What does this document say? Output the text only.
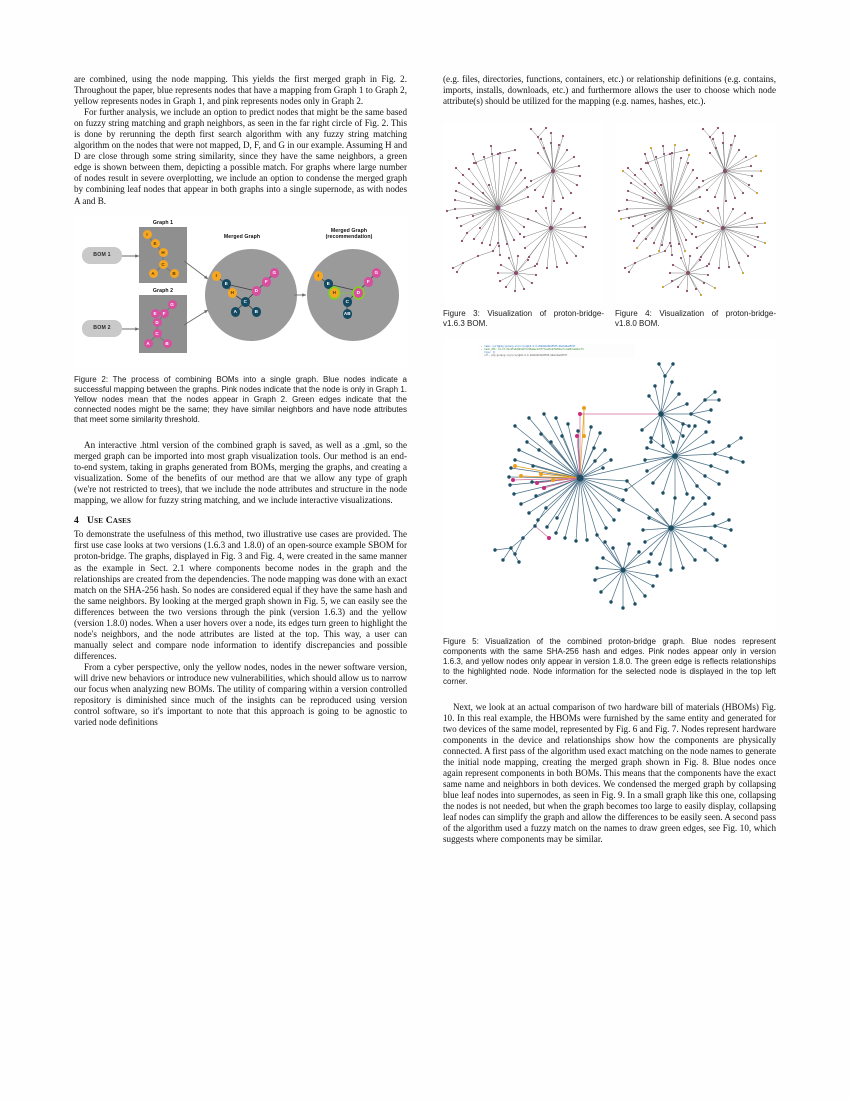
are combined, using the node mapping. This yields the first merged graph in Fig. 2. Throughout the paper, blue represents nodes that have a mapping from Graph 1 to Graph 2, yellow represents nodes in Graph 1, and pink represents nodes only in Graph 2.

For further analysis, we include an option to predict nodes that might be the same based on fuzzy string matching and graph neighbors, as seen in the far right circle of Fig. 2. This is done by rerunning the depth first search algorithm with any fuzzy string matching algorithm on the nodes that were not mapped, D, F, and G in our example. Assuming H and D are close through some string similarity, since they have the same neighbors, a green edge is shown between them, depicting a possible match. For graphs where large number of nodes result in severe overplotting, we include an option to condense the merged graph by combining leaf nodes that appear in both graphs into a single supernode, as with nodes A and B.

BOM 1
BOM 2
Graph 1
Graph 2
I
E
H
C
A	B
G
F
E
D
C
A	B
Merged Graph
I
E
H
G
F
D
C
A	B
Merged Graph
(recommendation)
I
E
H
G
F
D
C
AB

Figure 2: The process of combining BOMs into a single graph. Blue nodes indicate a successful mapping between the graphs. Pink nodes indicate that the node is only in Graph 1. Yellow nodes mean that the nodes appear in Graph 2. Green edges indicate that the connected nodes might be the same; they have similar neighbors and have node attributes that meet some similarity threshold.

An interactive .html version of the combined graph is saved, as well as a .gml, so the merged graph can be imported into most graph visualization tools. Our method is an end-to-end system, taking in graphs generated from BOMs, merging the graphs, and creating a visualization. Some of the benefits of our method are that we allow any type of graph (we're not restricted to trees), that we include the node attributes and structure in the node mapping, we allow for fuzzy string matching, and we include interactive visualizations.

4 Use Cases

To demonstrate the usefulness of this method, two illustrative use cases are provided. The first use case looks at two versions (1.6.3 and 1.8.0) of an open-source example SBOM for proton-bridge. The graphs, displayed in Fig. 3 and Fig. 4, were created in the same manner as the example in Sect. 2.1 where components become nodes in the graph and the relationships are created from the dependencies. The node mapping was done with an exact match on the SHA-256 hash. So nodes are considered equal if they have the same hash and the same neighbors. By looking at the merged graph shown in Fig. 5, we can easily see the differences between the two versions through the pink (version 1.6.3) and the yellow (version 1.8.0) nodes. When a user hovers over a node, its edges turn green to highlight the node's neighbors, and the node attributes are listed at the top. This way, a user can manually select and compare node information to identify discrepancies and possible differences.

From a cyber perspective, only the yellow nodes, nodes in the newer software version, will drive new behaviors or introduce new vulnerabilities, which should allow us to narrow our focus when analyzing new BOMs. The utility of comparing within a version controlled repository is diminished since much of the insights can be reproduced using version control software, so it's important to note that this approach is going to be agnostic to varied node definitions

(e.g. files, directories, functions, containers, etc.) or relationship definitions (e.g. contains, imports, installs, downloads, etc.) and furthermore allows the user to choose which node attribute(s) should be utilized for the mapping (e.g. names, hashes, etc.).

Figure 3: Visualization of proton-bridge-v1.6.3 BOM.

Figure 4: Visualization of proton-bridge-v1.8.0 BOM.

▸ name: purl@pkg:golang.org/x/sys@v1.0.0-20210423185535-09eb48e85fd7
◂ hash_256: a7-b7-01c3fa3d181387cc95a8ac1c5777ea15cd70854ac7ccdd37ea9bcc73
type: {}
url: pkg:golang.org/x/sys@v0.0.0-20210423185535-09eb48e85fd7

Figure 5: Visualization of the combined proton-bridge graph. Blue nodes represent components with the same SHA-256 hash and edges. Pink nodes appear only in version 1.6.3, and yellow nodes only appear in version 1.8.0. The green edge is reflects relationships to the highlighted node. Node information for the selected node is displayed in the top left corner.

Next, we look at an actual comparison of two hardware bill of materials (HBOMs) Fig. 10. In this real example, the HBOMs were furnished by the same entity and generated for two devices of the same model, represented by Fig. 6 and Fig. 7. Nodes represent hardware components in the device and relationships show how the components are physically connected. A first pass of the algorithm used exact matching on the node names to generate the initial node mapping, creating the merged graph shown in Fig. 8. Blue nodes once again represent components in both BOMs. This means that the components have the exact same name and neighbors in both devices. We condensed the merged graph by collapsing blue leaf nodes into supernodes, as seen in Fig. 9. In a small graph like this one, collapsing the nodes is not needed, but when the graph becomes too large to easily display, collapsing leaf nodes can simplify the graph and allow the differences to be easily seen. A second pass of the algorithm used a fuzzy match on the names to draw green edges, see Fig. 10, which suggests where components may be similar.
